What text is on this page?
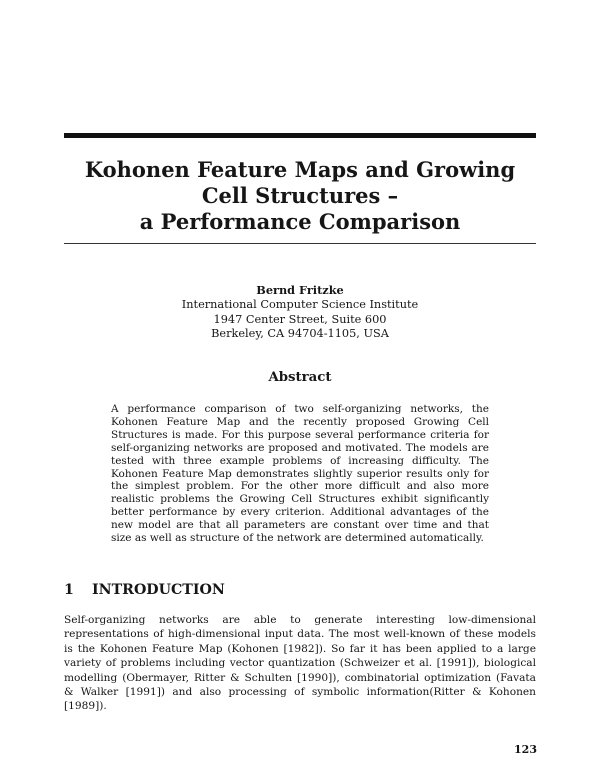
Kohonen Feature Maps and Growing
Cell Structures –
a Performance Comparison
Bernd Fritzke
International Computer Science Institute
1947 Center Street, Suite 600
Berkeley, CA 94704-1105, USA
Abstract
A performance comparison of two self-organizing networks, the Kohonen Feature Map and the recently proposed Growing Cell Structures is made. For this purpose several performance criteria for self-organizing networks are proposed and motivated. The models are tested with three example problems of increasing difficulty. The Kohonen Feature Map demonstrates slightly superior results only for the simplest problem. For the other more difficult and also more realistic problems the Growing Cell Structures exhibit significantly better performance by every criterion. Additional advantages of the new model are that all parameters are constant over time and that size as well as structure of the network are determined automatically.
1 INTRODUCTION
Self-organizing networks are able to generate interesting low-dimensional representations of high-dimensional input data. The most well-known of these models is the Kohonen Feature Map (Kohonen [1982]). So far it has been applied to a large variety of problems including vector quantization (Schweizer et al. [1991]), biological modelling (Obermayer, Ritter & Schulten [1990]), combinatorial optimization (Favata & Walker [1991]) and also processing of symbolic information(Ritter & Kohonen [1989]).
123
